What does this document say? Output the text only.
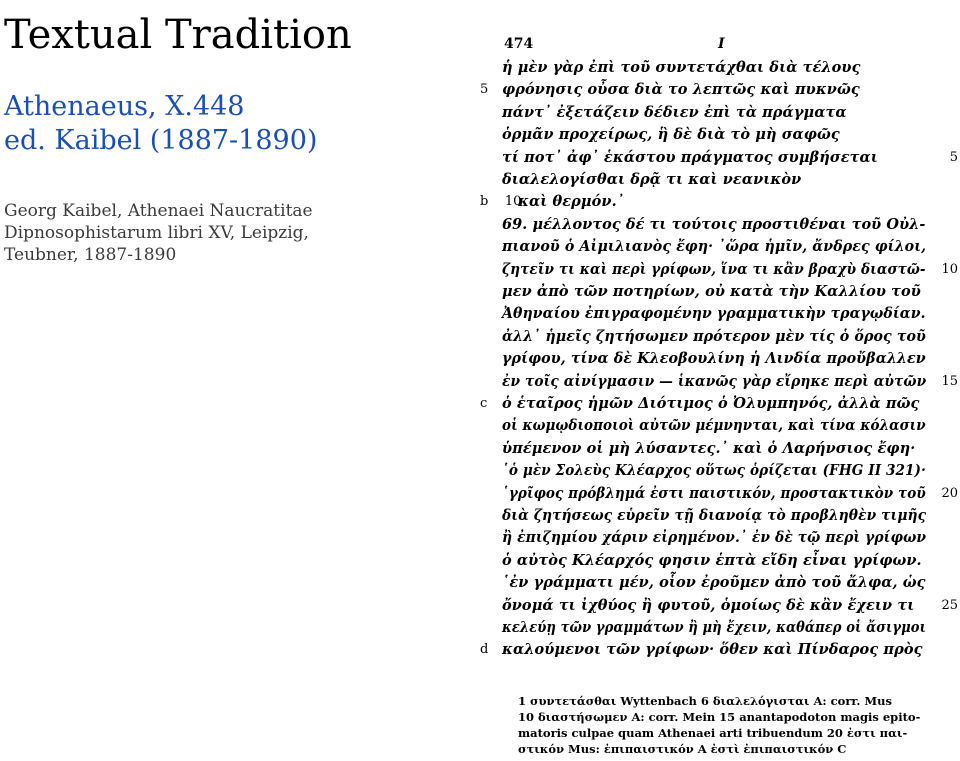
Textual Tradition
Athenaeus, X.448
ed. Kaibel (1887-1890)
Georg Kaibel, Athenaei Naucratitae
Dipnosophistarum libri XV, Leipzig,
Teubner, 1887-1890
474	I
ἡ μὲν γὰρ ἐπὶ τοῦ συντετάχθαι διὰ τέλους
5 φρόνησις οὖσα διὰ το λεπτῶς καὶ πυκνῶς
πάντ᾽ ἐξετάζειν δέδιεν ἐπὶ τὰ πράγματα
ὁρμᾶν προχείρως, ἣ δὲ διὰ τὸ μὴ σαφῶς
τί ποτ᾽ ἀφ᾽ ἑκάστου πράγματος συμβήσεται	5
διαλελογίσθαι δρᾷ τι καὶ νεανικὸν
b    10
καὶ θερμόν.᾽
69. μέλλοντος δέ τι τούτοις προστιθέναι τοῦ Οὐλ-
πιανοῦ ὁ Αἰμιλιανὸς ἔφη· ᾽ὥρα ἡμῖν, ἄνδρες φίλοι,
ζητεῖν τι καὶ περὶ γρίφων, ἵνα τι κἂν βραχὺ διαστῶ- 10
μεν ἀπὸ τῶν ποτηρίων, οὐ κατὰ τὴν Καλλίου τοῦ
Ἀθηναίου ἐπιγραφομένην γραμματικὴν τραγῳδίαν.
ἀλλ᾽ ἡμεῖς ζητήσωμεν πρότερον μὲν τίς ὁ ὅρος τοῦ
γρίφου, τίνα δὲ Κλεοβουλίνη ἡ Λινδία προὔβαλλεν
ἐν τοῖς αἰνίγμασιν — ἱκανῶς γὰρ εἴρηκε περὶ αὐτῶν 15
c	ὁ ἑταῖρος ἡμῶν Διότιμος ὁ Ὀλυμπηνός, ἀλλὰ πῶς
οἱ κωμῳδιοποιοὶ αὐτῶν μέμνηνται, καὶ τίνα κόλασιν
ὑπέμενον οἱ μὴ λύσαντες.᾽ καὶ ὁ Λαρήνσιος ἔφη·
῾ὁ μὲν Σολεὺς Κλέαρχος οὕτως ὁρίζεται (FHG II 321)·
῾γρῖφος πρόβλημά ἐστι παιστικόν, προστακτικὸν τοῦ 20
διὰ ζητήσεως εὑρεῖν τῇ διανοίᾳ τὸ προβληθὲν τιμῆς
ἢ ἐπιζημίου χάριν εἰρημένον.᾽ ἐν δὲ τῷ περὶ γρίφων
ὁ αὐτὸς Κλέαρχός φησιν ἑπτὰ εἴδη εἶναι γρίφων.
῾ἐν γράμματι μέν, οἷον ἐροῦμεν ἀπὸ τοῦ ἄλφα, ὡς
ὄνομά τι ἰχθύος ἢ φυτοῦ, ὁμοίως δὲ κἂν ἔχειν τι 25
κελεύῃ τῶν γραμμάτων ἢ μὴ ἔχειν, καθάπερ οἱ ἄσιγμοι
d καλούμενοι τῶν γρίφων· ὅθεν καὶ Πίνδαρος πρὸς
1 συντετάσθαι Wyttenbach 6 διαλελόγισται A: corr. Mus
10 διαστήσωμεν A: corr. Mein 15 anantapodoton magis epito-
matoris culpae quam Athenaei arti tribuendum 20 ἐστι παι-
στικόν Mus: ἐπιπαιστικόν A ἐστὶ ἐπιπαιστικόν C
